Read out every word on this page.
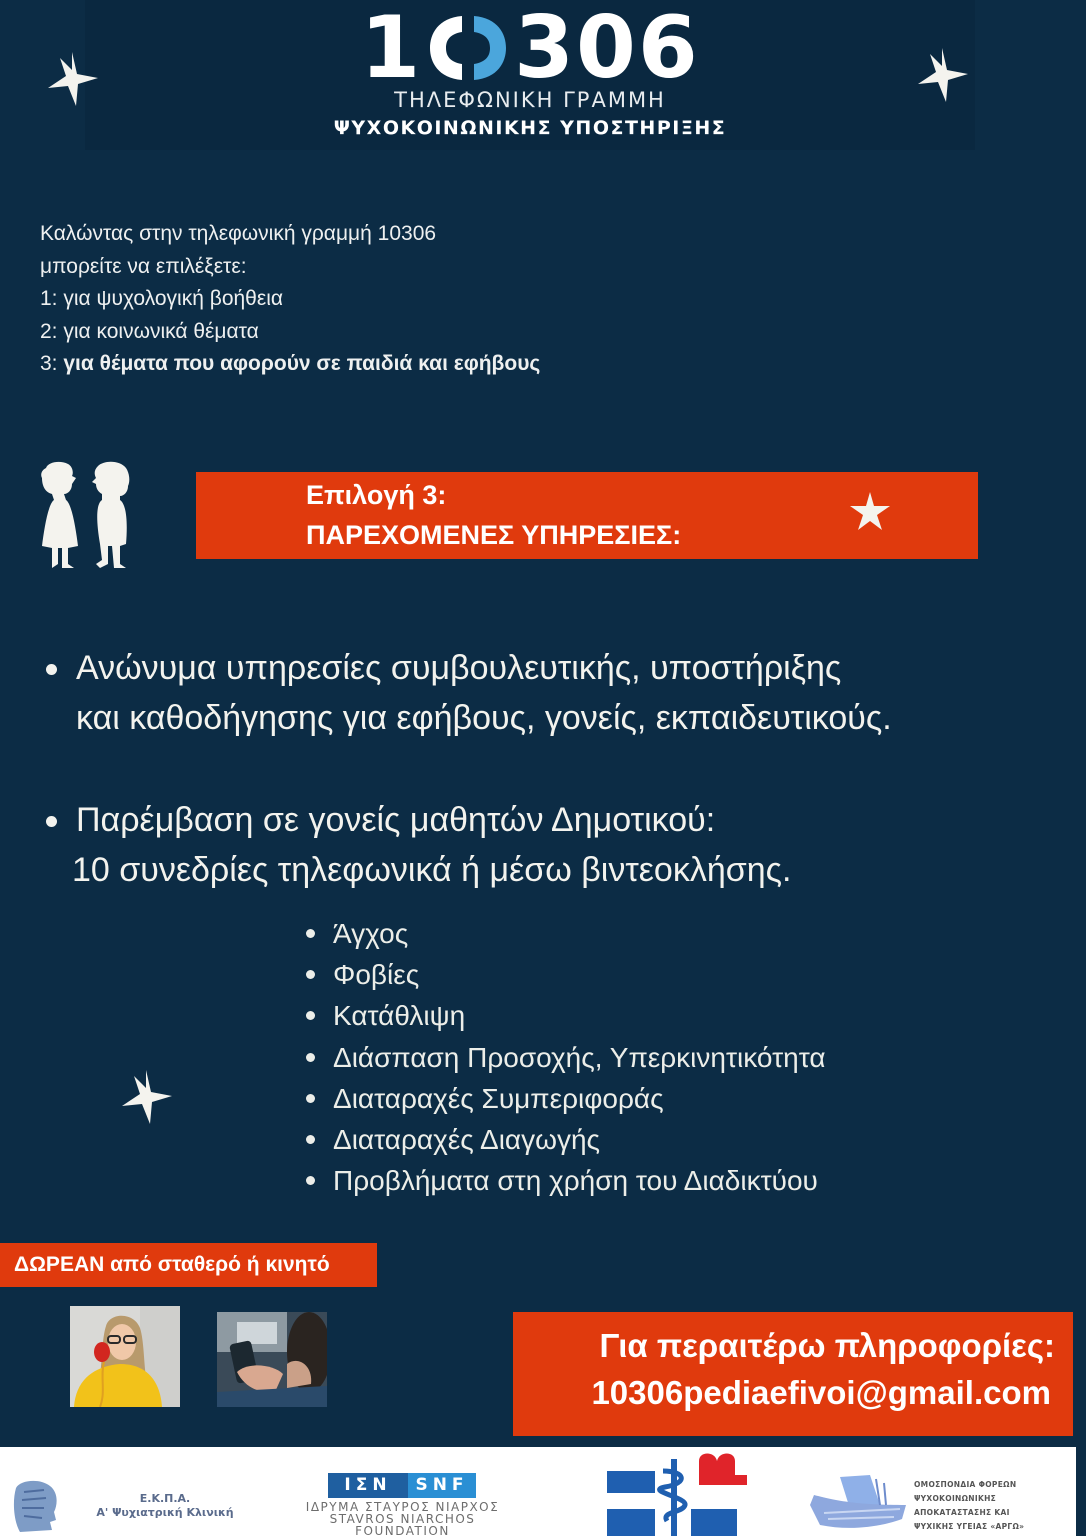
1 306
ΤΗΛΕΦΩΝΙΚΗ ΓΡΑΜΜΗ
ΨΥΧΟΚΟΙΝΩΝΙΚΗΣ ΥΠΟΣΤΗΡΙΞΗΣ
Καλώντας στην τηλεφωνική γραμμή 10306
μπορείτε να επιλέξετε:
1: για ψυχολογική βοήθεια
2: για κοινωνικά θέματα
3: για θέματα που αφορούν σε παιδιά και εφήβους
Επιλογή 3:
ΠΑΡΕΧΟΜΕΝΕΣ ΥΠΗΡΕΣΙΕΣ:
Ανώνυμα υπηρεσίες συμβουλευτικής, υποστήριξης
και καθοδήγησης για εφήβους, γονείς, εκπαιδευτικούς.
Παρέμβαση σε γονείς μαθητών Δημοτικού:
10 συνεδρίες τηλεφωνικά ή μέσω βιντεοκλήσης.
Άγχος
Φοβίες
Κατάθλιψη
Διάσπαση Προσοχής, Υπερκινητικότητα
Διαταραχές Συμπεριφοράς
Διαταραχές Διαγωγής
Προβλήματα στη χρήση του Διαδικτύου
ΔΩΡΕΑΝ από σταθερό ή κινητό
Για περαιτέρω πληροφορίες:
10306pediaefivoi@gmail.com
Ε.Κ.Π.Α.
Α' Ψυχιατρική Κλινική
ΙΣΝ	SNF
ΙΔΡΥΜΑ ΣΤΑΥΡΟΣ ΝΙΑΡΧΟΣ
STAVROS NIARCHOS
FOUNDATION
ΟΜΟΣΠΟΝΔΙΑ ΦΟΡΕΩΝ
ΨΥΧΟΚΟΙΝΩΝΙΚΗΣ
ΑΠΟΚΑΤΑΣΤΑΣΗΣ ΚΑΙ
ΨΥΧΙΚΗΣ ΥΓΕΙΑΣ «ΑΡΓΩ»
